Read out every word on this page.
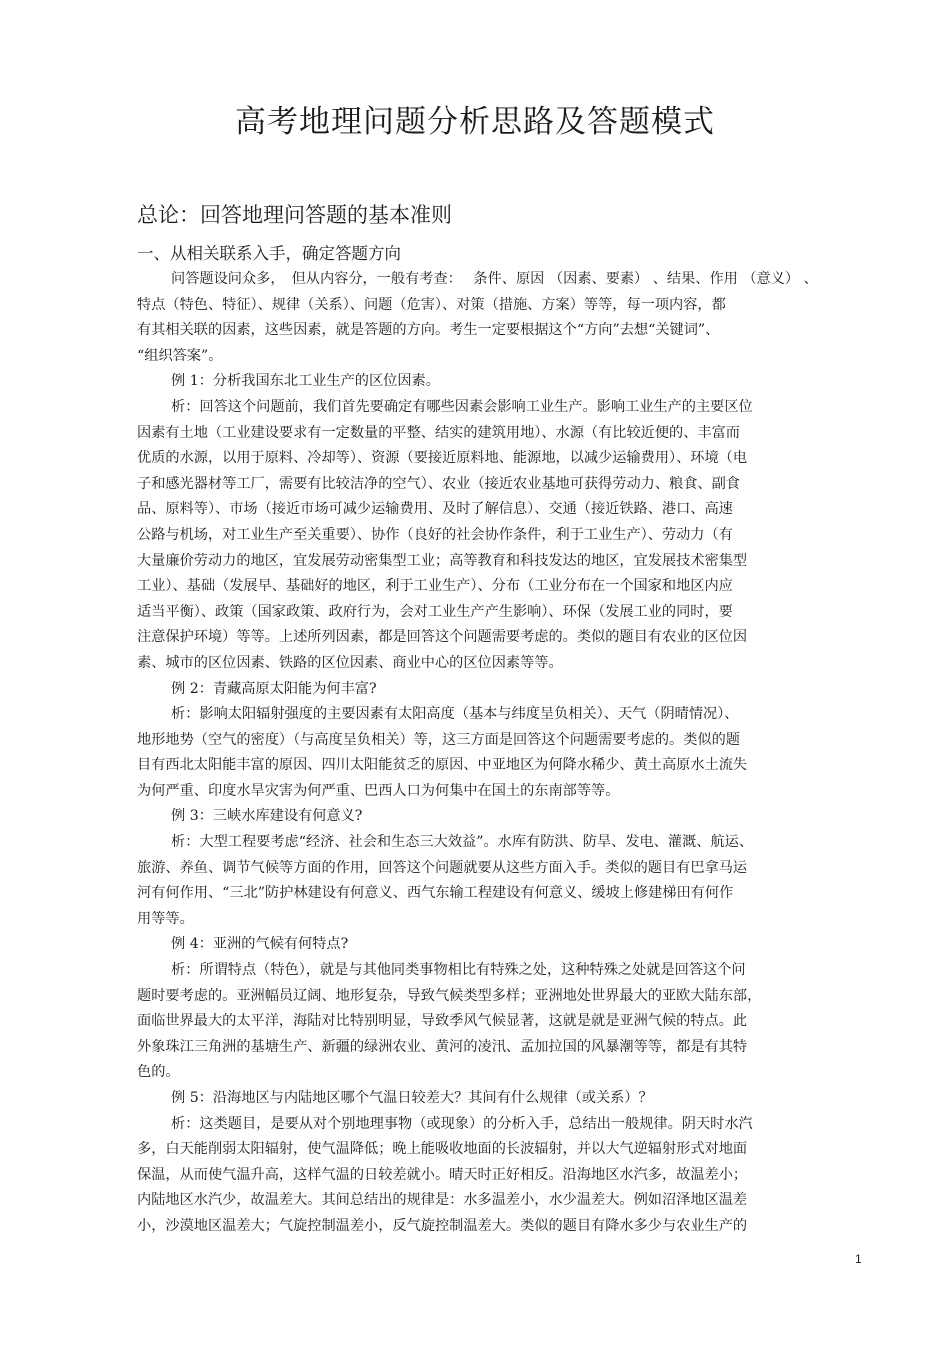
高考地理问题分析思路及答题模式
总论：回答地理问答题的基本准则
一、从相关联系入手，确定答题方向
问答题设问众多，　但从内容分，一般有考查：　 条件、原因 （因素、要素） 、结果、作用 （意义） 、
特点（特色、特征）、规律（关系）、问题（危害）、对策（措施、方案）等等，每一项内容，都
有其相关联的因素，这些因素，就是答题的方向。考生一定要根据这个“方向”去想“关键词”、
“组织答案”。
例 1：分析我国东北工业生产的区位因素。
析：回答这个问题前，我们首先要确定有哪些因素会影响工业生产。影响工业生产的主要区位
因素有土地（工业建设要求有一定数量的平整、结实的建筑用地）、水源（有比较近便的、丰富而
优质的水源，以用于原料、冷却等）、资源（要接近原料地、能源地，以减少运输费用）、环境（电
子和感光器材等工厂，需要有比较洁净的空气）、农业（接近农业基地可获得劳动力、粮食、副食
品、原料等）、市场（接近市场可减少运输费用、及时了解信息）、交通（接近铁路、港口、高速
公路与机场，对工业生产至关重要）、协作（良好的社会协作条件，利于工业生产）、劳动力（有
大量廉价劳动力的地区，宜发展劳动密集型工业；高等教育和科技发达的地区，宜发展技术密集型
工业）、基础（发展早、基础好的地区，利于工业生产）、分布（工业分布在一个国家和地区内应
适当平衡）、政策（国家政策、政府行为，会对工业生产产生影响）、环保（发展工业的同时，要
注意保护环境）等等。上述所列因素，都是回答这个问题需要考虑的。类似的题目有农业的区位因
素、城市的区位因素、铁路的区位因素、商业中心的区位因素等等。
例 2：青藏高原太阳能为何丰富?
析：影响太阳辐射强度的主要因素有太阳高度（基本与纬度呈负相关）、天气（阴晴情况）、
地形地势（空气的密度）（与高度呈负相关）等，这三方面是回答这个问题需要考虑的。类似的题
目有西北太阳能丰富的原因、四川太阳能贫乏的原因、中亚地区为何降水稀少、黄土高原水土流失
为何严重、印度水旱灾害为何严重、巴西人口为何集中在国土的东南部等等。
例 3：三峡水库建设有何意义?
析：大型工程要考虑“经济、社会和生态三大效益”。水库有防洪、防旱、发电、灌溉、航运、
旅游、养鱼、调节气候等方面的作用，回答这个问题就要从这些方面入手。类似的题目有巴拿马运
河有何作用、“三北”防护林建设有何意义、西气东输工程建设有何意义、缓坡上修建梯田有何作
用等等。
例 4：亚洲的气候有何特点?
析：所谓特点（特色），就是与其他同类事物相比有特殊之处，这种特殊之处就是回答这个问
题时要考虑的。亚洲幅员辽阔、地形复杂，导致气候类型多样；亚洲地处世界最大的亚欧大陆东部，
面临世界最大的太平洋，海陆对比特别明显，导致季风气候显著，这就是就是亚洲气候的特点。此
外象珠江三角洲的基塘生产、新疆的绿洲农业、黄河的凌汛、孟加拉国的风暴潮等等，都是有其特
色的。
例 5：沿海地区与内陆地区哪个气温日较差大？其间有什么规律（或关系）？
析：这类题目，是要从对个别地理事物（或现象）的分析入手，总结出一般规律。阴天时水汽
多，白天能削弱太阳辐射，使气温降低；晚上能吸收地面的长波辐射，并以大气逆辐射形式对地面
保温，从而使气温升高，这样气温的日较差就小。晴天时正好相反。沿海地区水汽多，故温差小；
内陆地区水汽少，故温差大。其间总结出的规律是：水多温差小，水少温差大。例如沼泽地区温差
小，沙漠地区温差大；气旋控制温差小，反气旋控制温差大。类似的题目有降水多少与农业生产的
1
